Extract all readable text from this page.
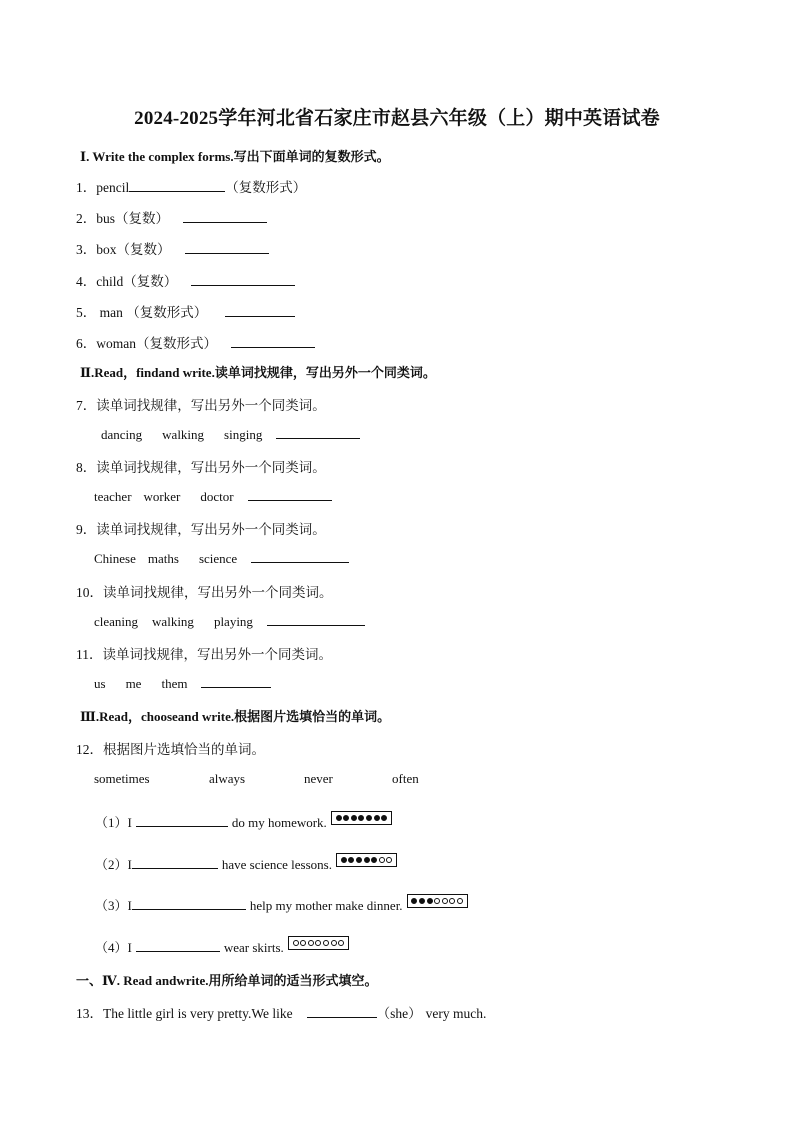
2024-2025学年河北省石家庄市赵县六年级（上）期中英语试卷
Ⅰ. Write the complex forms.写出下面单词的复数形式。
1．pencil	（复数形式）
2．bus（复数）
3．box（复数）
4．child（复数）
5． man （复数形式）
6．woman（复数形式）
Ⅱ.Read，findand write.读单词找规律，写出另外一个同类词。
7．读单词找规律，写出另外一个同类词。
dancing walking singing
8．读单词找规律，写出另外一个同类词。
teacher worker doctor
9．读单词找规律，写出另外一个同类词。
Chinese maths science
10．读单词找规律，写出另外一个同类词。
cleaning walking playing
11．读单词找规律，写出另外一个同类词。
us me them
Ⅲ.Read，chooseand write.根据图片选填恰当的单词。
12．根据图片选填恰当的单词。
sometimes	always	never	often
（1）I	do my homework.
（2）I	have science lessons.
（3）I	help my mother make dinner.
（4）I	wear skirts.
一、Ⅳ. Read andwrite.用所给单词的适当形式填空。
13．The little girl is very pretty.We like	（she） very much.
